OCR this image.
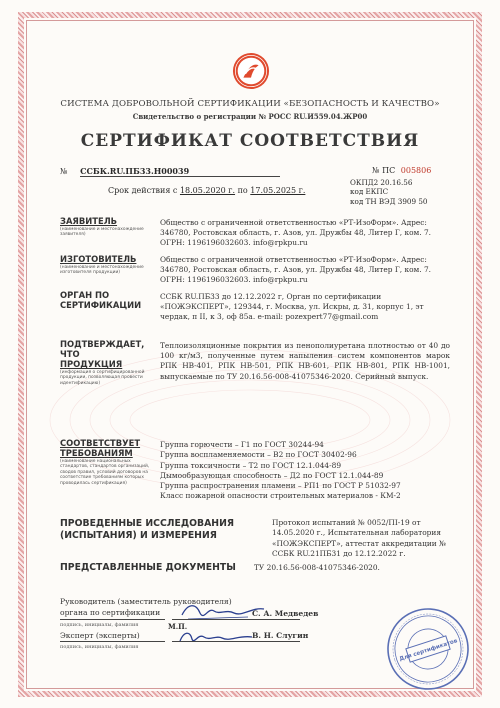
СИСТЕМА ДОБРОВОЛЬНОЙ СЕРТИФИКАЦИИ «БЕЗОПАСНОСТЬ И КАЧЕСТВО»
Свидетельство о регистрации № РОСС RU.И559.04.ЖР00
СЕРТИФИКАТ СООТВЕТСТВИЯ
№ ССБК.RU.ПБ33.Н00039	№ ПС 005806
Срок действия с 18.05.2020 г. по 17.05.2025 г.
ОКПД2 20.16.56
код ЕКПС
код ТН ВЭД 3909 50
ЗАЯВИТЕЛЬ
(наименование и местонахождение заявителя)
Общество с ограниченной ответственностью «РТ-ИзоФорм». Адрес: 346780, Ростовская область, г. Азов, ул. Дружбы 48, Литер Г, ком. 7. ОГРН: 1196196032603. info@rpkpu.ru
ИЗГОТОВИТЕЛЬ
(наименование и местонахождение изготовителя продукции)
Общество с ограниченной ответственностью «РТ-ИзоФорм». Адрес: 346780, Ростовская область, г. Азов, ул. Дружбы 48, Литер Г, ком. 7. ОГРН: 1196196032603. info@rpkpu.ru
ОРГАН ПО
СЕРТИФИКАЦИИ
ССБК RU.ПБ33 до 12.12.2022 г, Орган по сертификации «ПОЖЭКСПЕРТ», 129344, г. Москва, ул. Искры, д. 31, корпус 1, эт чердак, п II, к 3, оф 85а. e-mail: pozexpert77@gmail.com
ПОДТВЕРЖДАЕТ, ЧТО
ПРОДУКЦИЯ
(информация о сертифицированной продукции, позволяющая провести идентификацию)
Теплоизоляционные покрытия из пенополиуретана плотностью от 40 до 100 кг/м3, полученные путем напыления систем компонентов марок РПК НВ-401, РПК НВ-501, РПК НВ-601, РПК НВ-801, РПК НВ-1001, выпускаемые по ТУ 20.16.56-008-41075346-2020. Серийный выпуск.
СООТВЕТСТВУЕТ
ТРЕБОВАНИЯМ
(наименование национальных стандартов, стандартов организаций, сводов правил, условий договоров на соответствие требованиям которых проводилась сертификация)
Группа горючести – Г1 по ГОСТ 30244-94
Группа воспламеняемости – В2 по ГОСТ 30402-96
Группа токсичности – Т2 по ГОСТ 12.1.044-89
Дымообразующая способность – Д2 по ГОСТ 12.1.044-89
Группа распространения пламени – РП1 по ГОСТ Р 51032-97
Класс пожарной опасности строительных материалов - КМ-2
ПРОВЕДЕННЫЕ ИССЛЕДОВАНИЯ
(ИСПЫТАНИЯ) И ИЗМЕРЕНИЯ
Протокол испытаний № 0052/ПI-19 от 14.05.2020 г., Испытательная лаборатория «ПОЖЭКСПЕРТ», аттестат аккредитации № ССБК RU.21ПБ31 до 12.12.2022 г.
ПРЕДСТАВЛЕННЫЕ ДОКУМЕНТЫ	ТУ 20.16.56-008-41075346-2020.
Руководитель (заместитель руководителя)
органа по сертификации
подпись, инициалы, фамилия
С. А. Медведев
М.П.
Эксперт (эксперты)
подпись, инициалы, фамилия
В. Н. Слугин
Для сертификатов
